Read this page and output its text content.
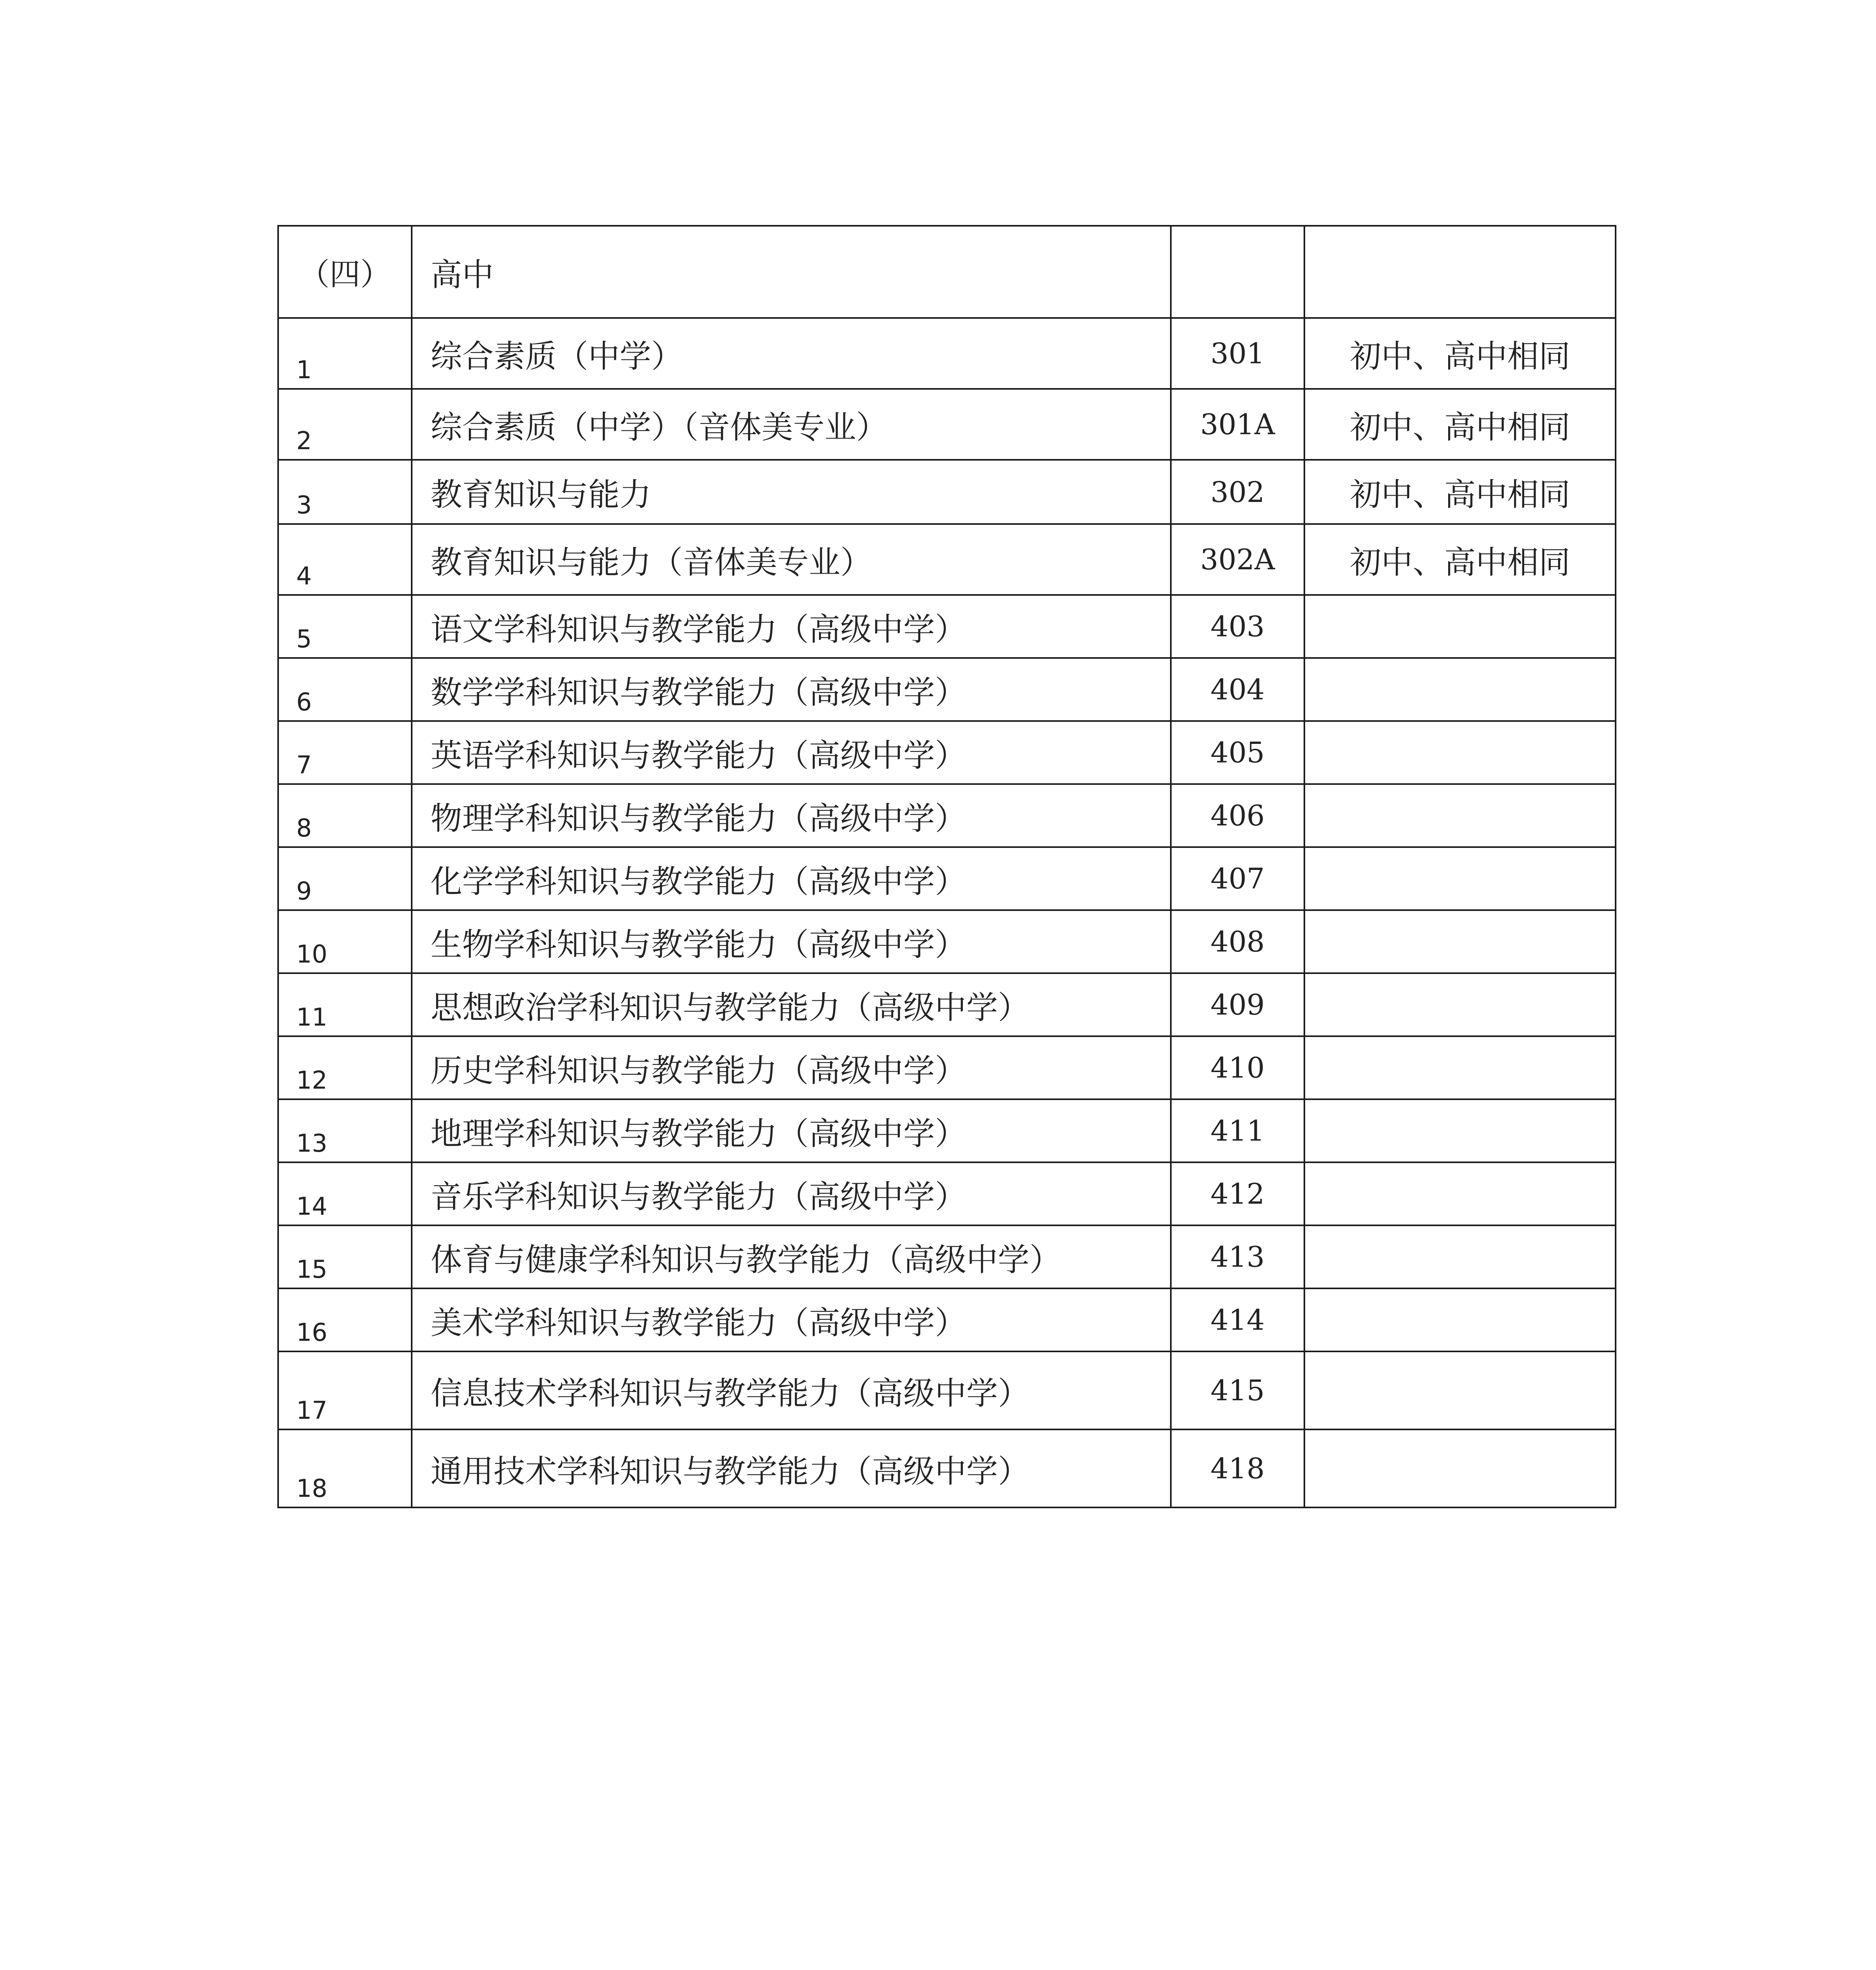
（四）	高中		
1	综合素质（中学）	301	初中、高中相同
2	综合素质（中学）（音体美专业）	301A	初中、高中相同
3	教育知识与能力	302	初中、高中相同
4	教育知识与能力（音体美专业）	302A	初中、高中相同
5	语文学科知识与教学能力（高级中学）	403	
6	数学学科知识与教学能力（高级中学）	404	
7	英语学科知识与教学能力（高级中学）	405	
8	物理学科知识与教学能力（高级中学）	406	
9	化学学科知识与教学能力（高级中学）	407	
10	生物学科知识与教学能力（高级中学）	408	
11	思想政治学科知识与教学能力（高级中学）	409	
12	历史学科知识与教学能力（高级中学）	410	
13	地理学科知识与教学能力（高级中学）	411	
14	音乐学科知识与教学能力（高级中学）	412	
15	体育与健康学科知识与教学能力（高级中学）	413	
16	美术学科知识与教学能力（高级中学）	414	
17	信息技术学科知识与教学能力（高级中学）	415	
18	通用技术学科知识与教学能力（高级中学）	418	
